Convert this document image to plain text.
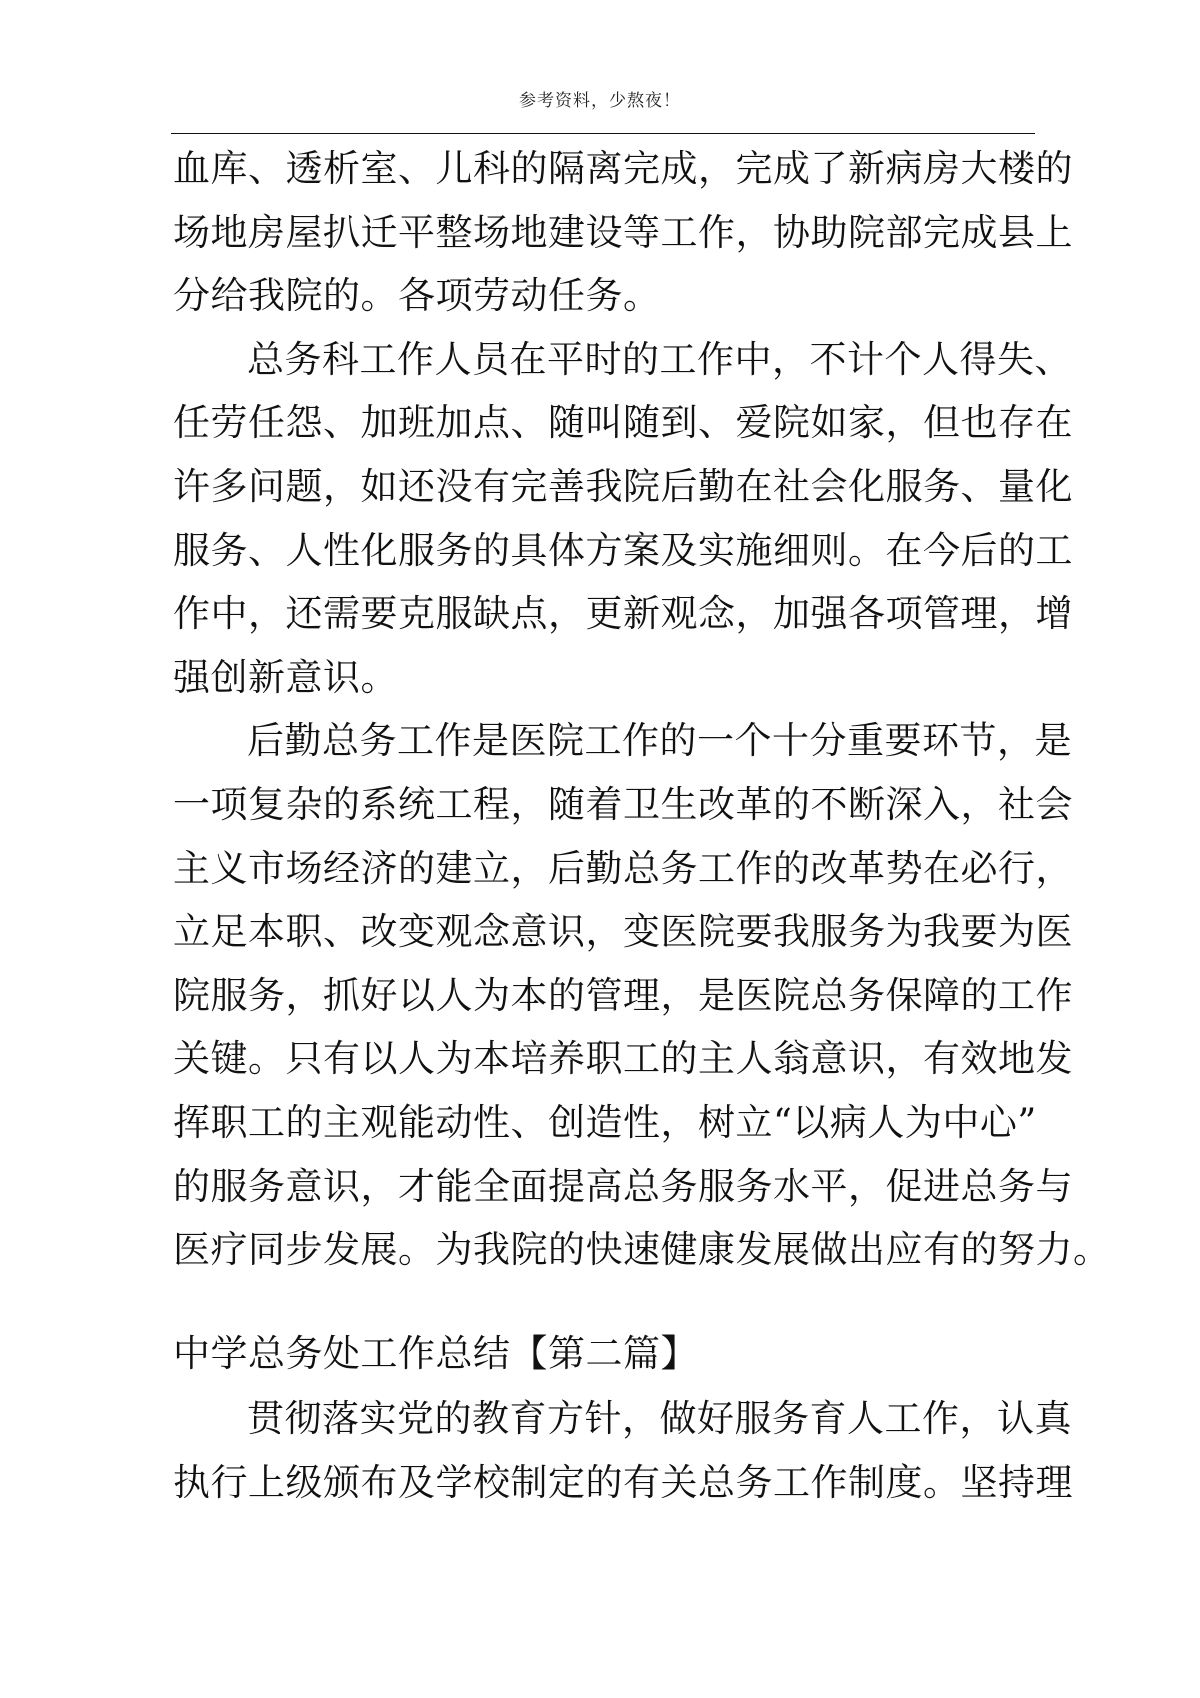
参考资料，少熬夜！
血库、透析室、儿科的隔离完成，完成了新病房大楼的
场地房屋扒迁平整场地建设等工作，协助院部完成县上
分给我院的。各项劳动任务。
总务科工作人员在平时的工作中，不计个人得失、
任劳任怨、加班加点、随叫随到、爱院如家，但也存在
许多问题，如还没有完善我院后勤在社会化服务、量化
服务、人性化服务的具体方案及实施细则。在今后的工
作中，还需要克服缺点，更新观念，加强各项管理，增
强创新意识。
后勤总务工作是医院工作的一个十分重要环节，是
一项复杂的系统工程，随着卫生改革的不断深入，社会
主义市场经济的建立，后勤总务工作的改革势在必行，
立足本职、改变观念意识，变医院要我服务为我要为医
院服务，抓好以人为本的管理，是医院总务保障的工作
关键。只有以人为本培养职工的主人翁意识，有效地发
挥职工的主观能动性、创造性，树立“以病人为中心”
的服务意识，才能全面提高总务服务水平，促进总务与
医疗同步发展。为我院的快速健康发展做出应有的努力。
中学总务处工作总结【第二篇】
贯彻落实党的教育方针，做好服务育人工作，认真
执行上级颁布及学校制定的有关总务工作制度。坚持理
